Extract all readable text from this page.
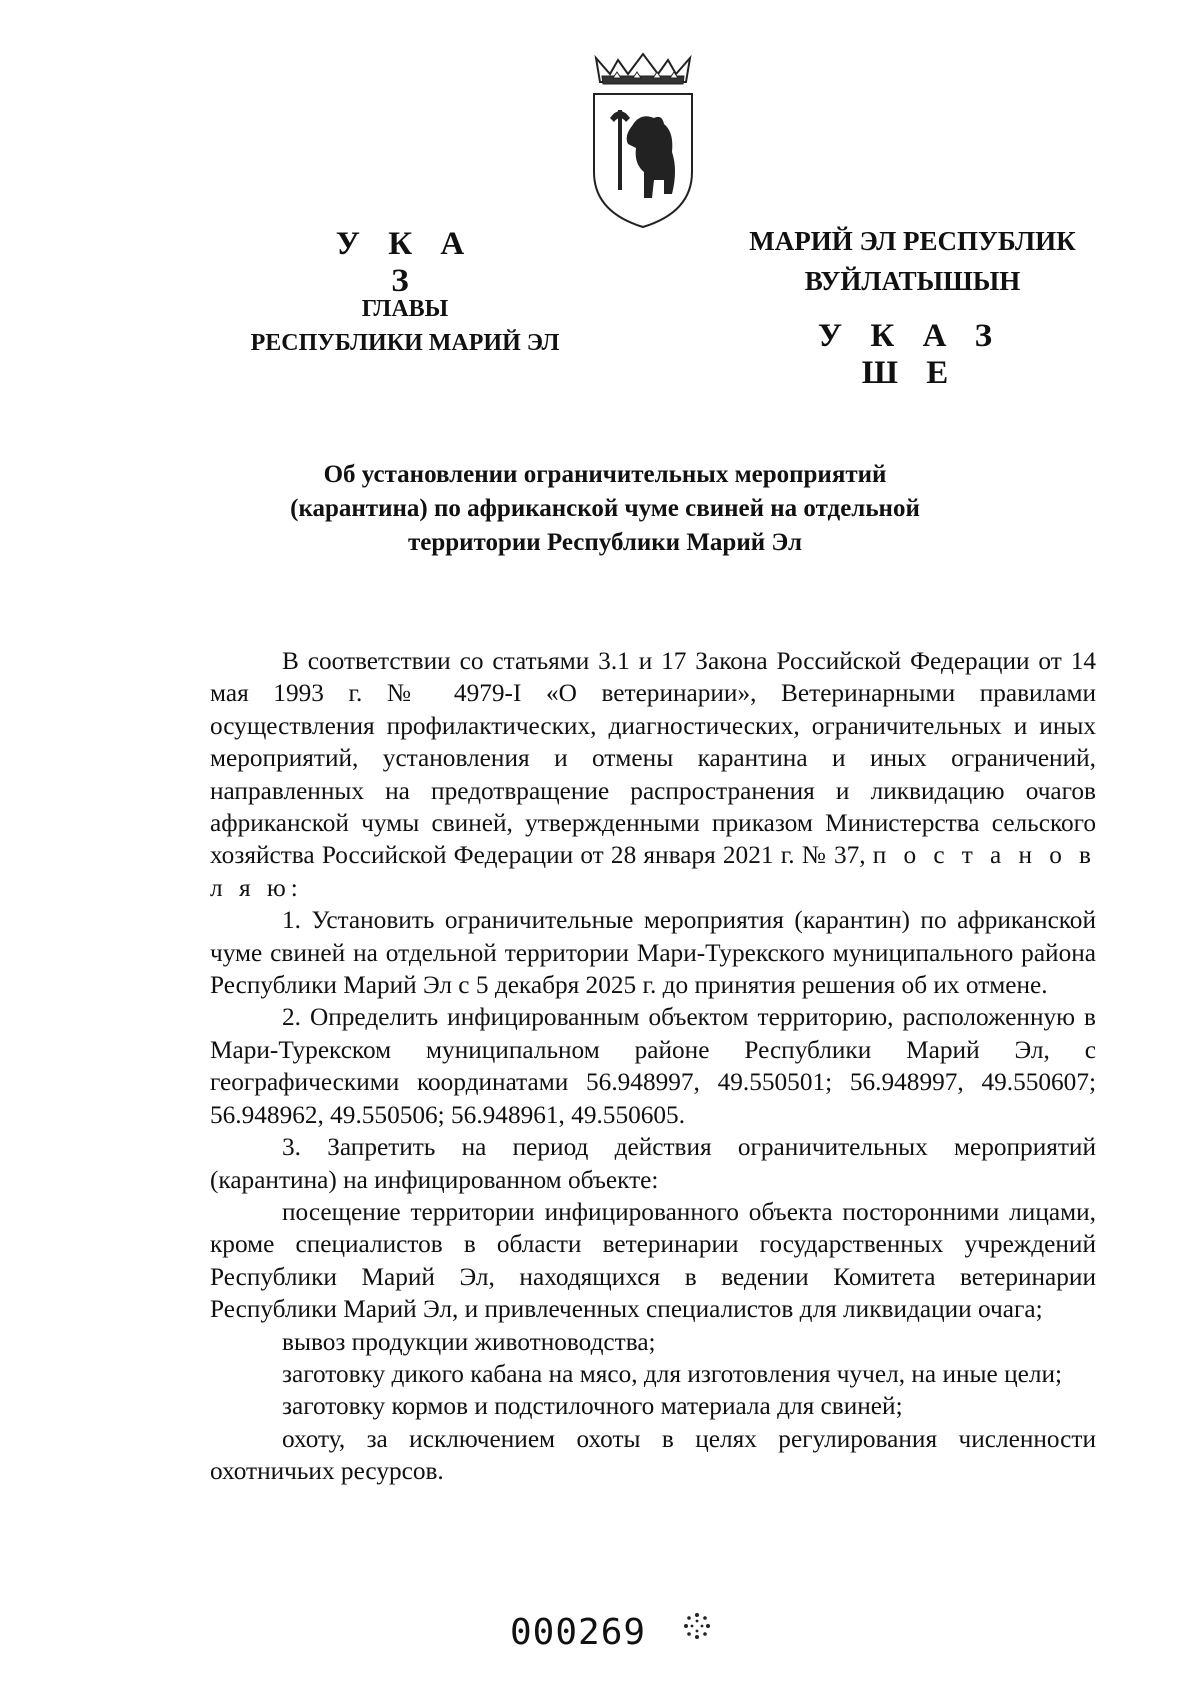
У К А З
ГЛАВЫ
РЕСПУБЛИКИ МАРИЙ ЭЛ
МАРИЙ ЭЛ РЕСПУБЛИК
ВУЙЛАТЫШЫН
У К А З Ш Е
Об установлении ограничительных мероприятий
(карантина) по африканской чуме свиней на отдельной
территории Республики Марий Эл

В соответствии со статьями 3.1 и 17 Закона Российской Федерации от 14 мая 1993 г. № 4979-I «О ветеринарии», Ветеринарными правилами осуществления профилактических, диагностических, ограничительных и иных мероприятий, установления и отмены карантина и иных ограничений, направленных на предотвращение распространения и ликвидацию очагов африканской чумы свиней, утвержденными приказом Министерства сельского хозяйства Российской Федерации от 28 января 2021 г. № 37, п о с т а н о в л я ю:

1. Установить ограничительные мероприятия (карантин) по африканской чуме свиней на отдельной территории Мари-Турекского муниципального района Республики Марий Эл с 5 декабря 2025 г. до принятия решения об их отмене.

2. Определить инфицированным объектом территорию, расположенную в Мари-Турекском муниципальном районе Республики Марий Эл, с географическими координатами 56.948997, 49.550501; 56.948997, 49.550607; 56.948962, 49.550506; 56.948961, 49.550605.

3. Запретить на период действия ограничительных мероприятий (карантина) на инфицированном объекте:

посещение территории инфицированного объекта посторонними лицами, кроме специалистов в области ветеринарии государственных учреждений Республики Марий Эл, находящихся в ведении Комитета ветеринарии Республики Марий Эл, и привлеченных специалистов для ликвидации очага;

вывоз продукции животноводства;

заготовку дикого кабана на мясо, для изготовления чучел, на иные цели;

заготовку кормов и подстилочного материала для свиней;

охоту, за исключением охоты в целях регулирования численности охотничьих ресурсов.

000269
